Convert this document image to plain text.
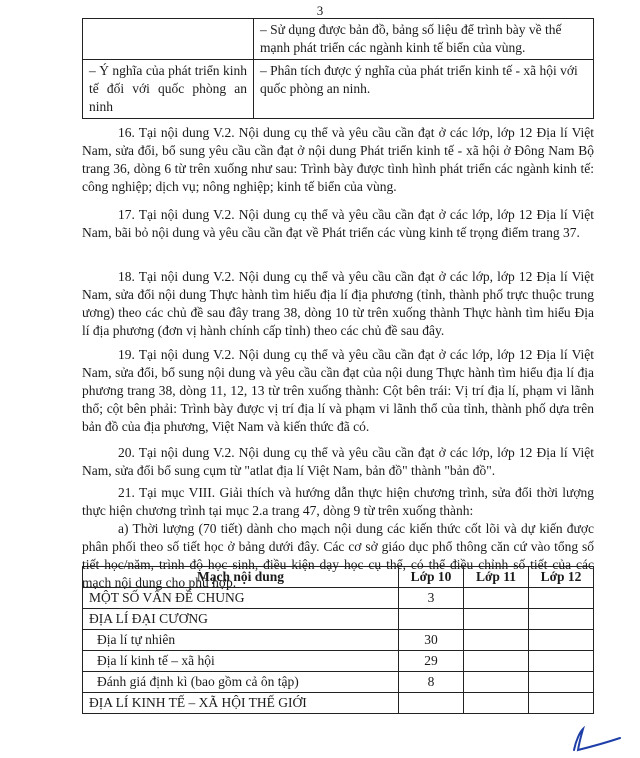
3
	– Sử dụng được bản đồ, bảng số liệu để trình bày về thế mạnh phát triển các ngành kinh tế biển của vùng.
– Ý nghĩa của phát triển kinh tế đối với quốc phòng an ninh	– Phân tích được ý nghĩa của phát triển kinh tế - xã hội với quốc phòng an ninh.

16. Tại nội dung V.2. Nội dung cụ thể và yêu cầu cần đạt ở các lớp, lớp 12 Địa lí Việt Nam, sửa đổi, bổ sung yêu cầu cần đạt ở nội dung Phát triển kinh tế - xã hội ở Đông Nam Bộ trang 36, dòng 6 từ trên xuống như sau: Trình bày được tình hình phát triển các ngành kinh tế: công nghiệp; dịch vụ; nông nghiệp; kinh tế biển của vùng.

17. Tại nội dung V.2. Nội dung cụ thể và yêu cầu cần đạt ở các lớp, lớp 12 Địa lí Việt Nam, bãi bỏ nội dung và yêu cầu cần đạt về Phát triển các vùng kinh tế trọng điểm trang 37.

18. Tại nội dung V.2. Nội dung cụ thể và yêu cầu cần đạt ở các lớp, lớp 12 Địa lí Việt Nam, sửa đổi nội dung Thực hành tìm hiểu địa lí địa phương (tỉnh, thành phố trực thuộc trung ương) theo các chủ đề sau đây trang 38, dòng 10 từ trên xuống thành Thực hành tìm hiểu Địa lí địa phương (đơn vị hành chính cấp tỉnh) theo các chủ đề sau đây.

19. Tại nội dung V.2. Nội dung cụ thể và yêu cầu cần đạt ở các lớp, lớp 12 Địa lí Việt Nam, sửa đổi, bổ sung nội dung và yêu cầu cần đạt của nội dung Thực hành tìm hiểu địa lí địa phương trang 38, dòng 11, 12, 13 từ trên xuống thành: Cột bên trái: Vị trí địa lí, phạm vi lãnh thổ; cột bên phải: Trình bày được vị trí địa lí và phạm vi lãnh thổ của tỉnh, thành phố dựa trên bản đồ của địa phương, Việt Nam và kiến thức đã có.

20. Tại nội dung V.2. Nội dung cụ thể và yêu cầu cần đạt ở các lớp, lớp 12 Địa lí Việt Nam, sửa đổi bổ sung cụm từ "atlat địa lí Việt Nam, bản đồ" thành "bản đồ".

21. Tại mục VIII. Giải thích và hướng dẫn thực hiện chương trình, sửa đổi thời lượng thực hiện chương trình tại mục 2.a trang 47, dòng 9 từ trên xuống thành:

a) Thời lượng (70 tiết) dành cho mạch nội dung các kiến thức cốt lõi và dự kiến được phân phối theo số tiết học ở bảng dưới đây. Các cơ sở giáo dục phổ thông căn cứ vào tổng số tiết học/năm, trình độ học sinh, điều kiện dạy học cụ thể, có thể điều chỉnh số tiết của các mạch nội dung cho phù hợp.

Mạch nội dung	Lớp 10	Lớp 11	Lớp 12
MỘT SỐ VẤN ĐỀ CHUNG	3		
ĐỊA LÍ ĐẠI CƯƠNG			
Địa lí tự nhiên	30		
Địa lí kinh tế – xã hội	29		
Đánh giá định kì (bao gồm cả ôn tập)	8		
ĐỊA LÍ KINH TẾ – XÃ HỘI THẾ GIỚI			
